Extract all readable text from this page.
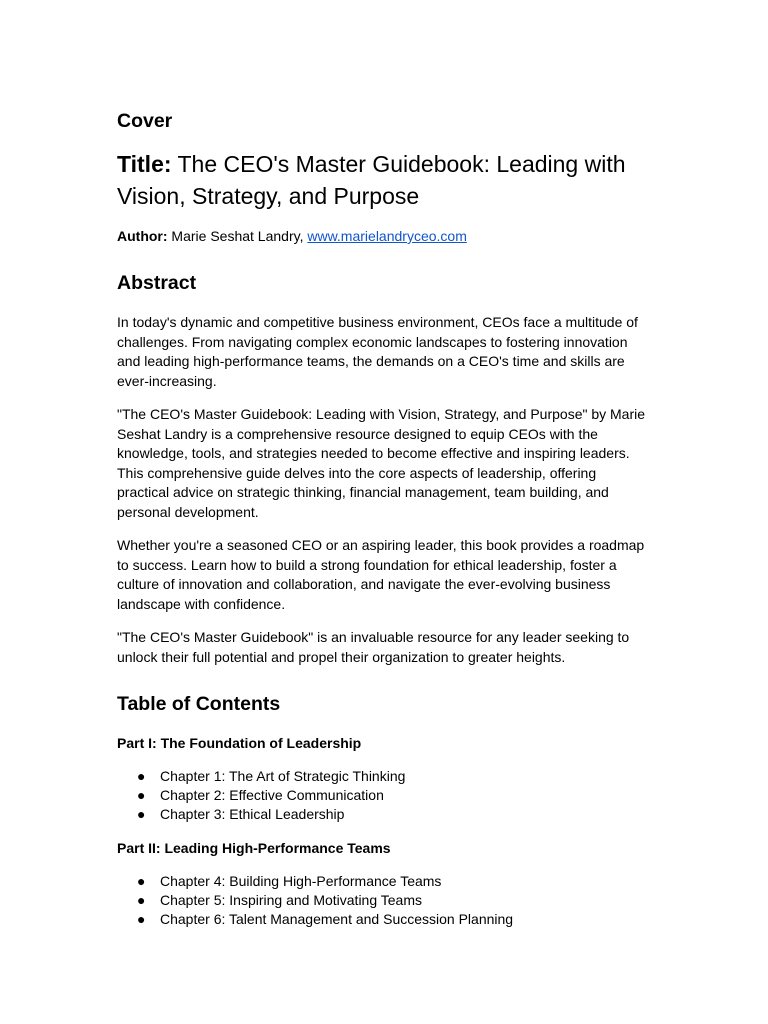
Cover
Title: The CEO's Master Guidebook: Leading with Vision, Strategy, and Purpose

Author: Marie Seshat Landry, www.marielandryceo.com

Abstract

In today's dynamic and competitive business environment, CEOs face a multitude of challenges. From navigating complex economic landscapes to fostering innovation and leading high-performance teams, the demands on a CEO's time and skills are ever-increasing.

"The CEO's Master Guidebook: Leading with Vision, Strategy, and Purpose" by Marie Seshat Landry is a comprehensive resource designed to equip CEOs with the knowledge, tools, and strategies needed to become effective and inspiring leaders. This comprehensive guide delves into the core aspects of leadership, offering practical advice on strategic thinking, financial management, team building, and personal development.

Whether you're a seasoned CEO or an aspiring leader, this book provides a roadmap to success. Learn how to build a strong foundation for ethical leadership, foster a culture of innovation and collaboration, and navigate the ever-evolving business landscape with confidence.

"The CEO's Master Guidebook" is an invaluable resource for any leader seeking to unlock their full potential and propel their organization to greater heights.

Table of Contents

Part I: The Foundation of Leadership

● Chapter 1: The Art of Strategic Thinking
● Chapter 2: Effective Communication
● Chapter 3: Ethical Leadership

Part II: Leading High-Performance Teams

● Chapter 4: Building High-Performance Teams
● Chapter 5: Inspiring and Motivating Teams
● Chapter 6: Talent Management and Succession Planning
